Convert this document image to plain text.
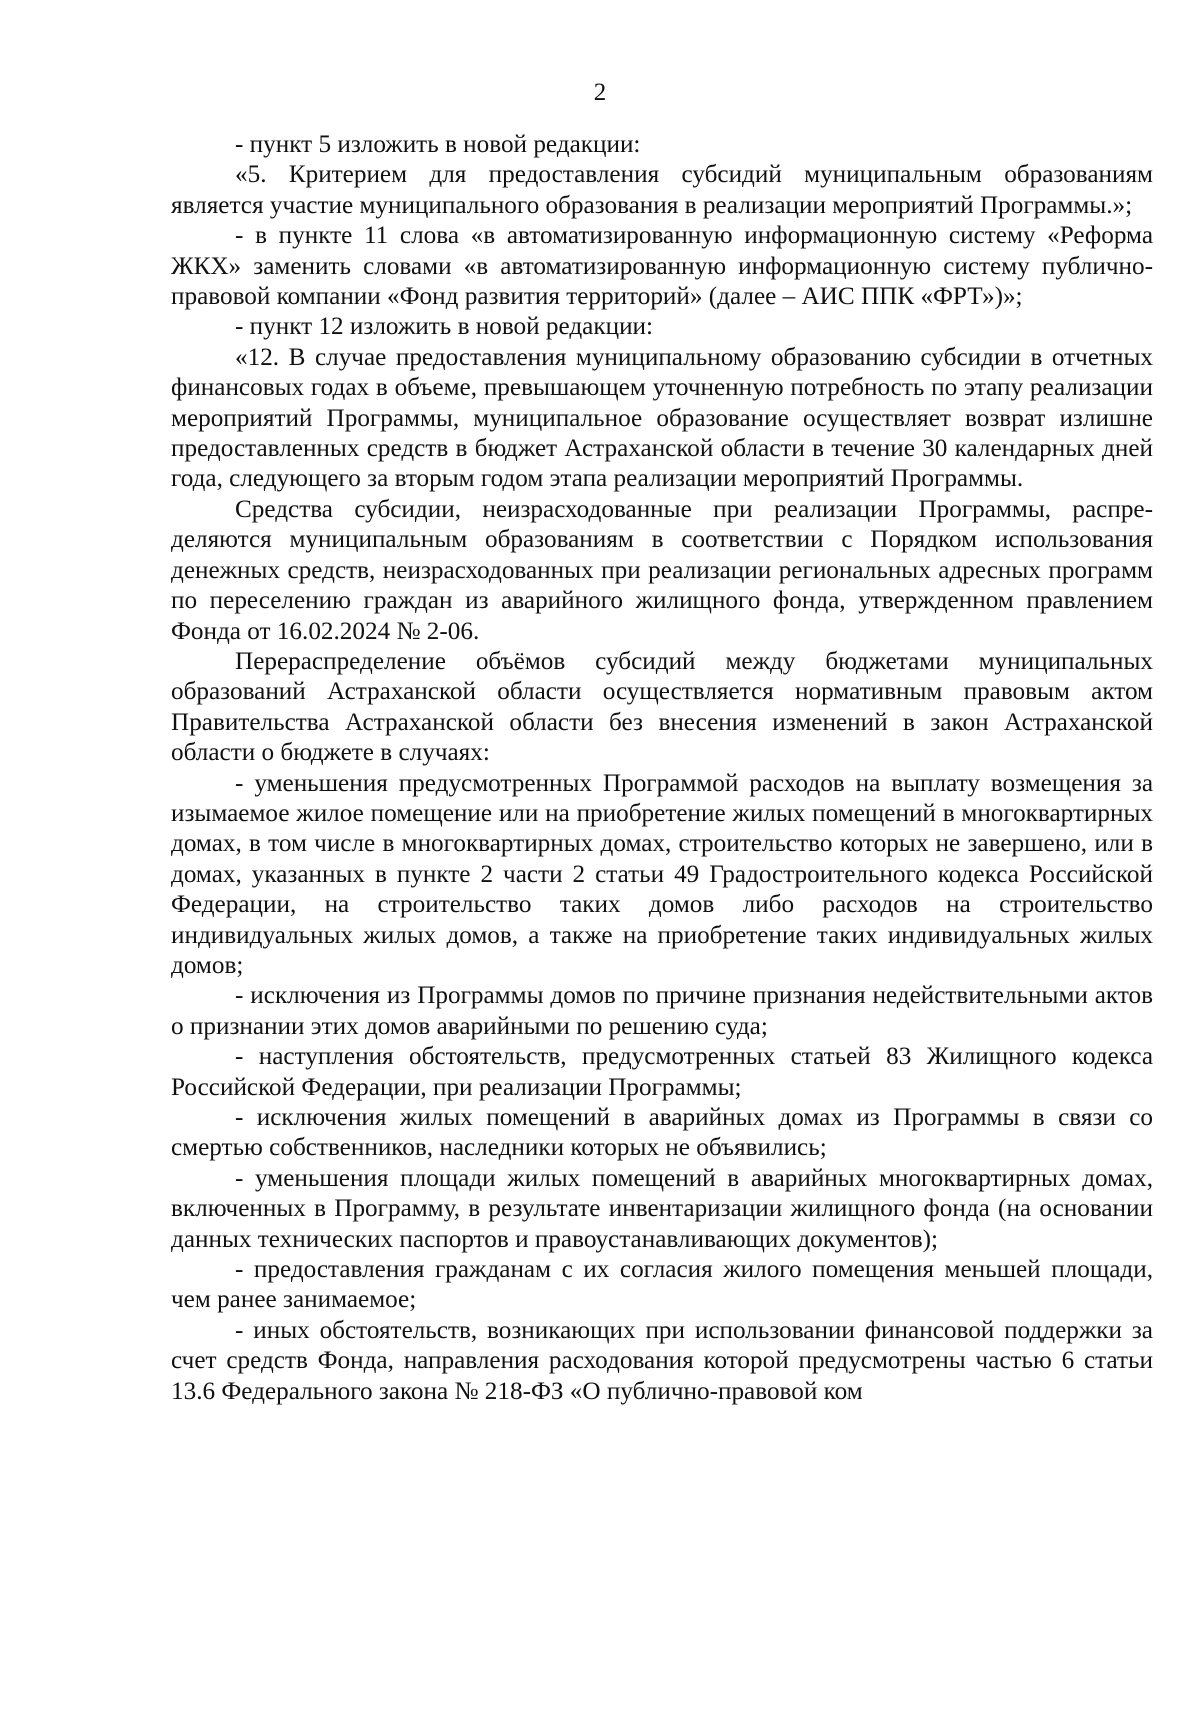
2

- пункт 5 изложить в новой редакции:

«5. Критерием для предоставления субсидий муниципальным образованиям является участие муниципального образования в реализации мероприятий Программы.»;

- в пункте 11 слова «в автоматизированную информационную систему «Реформа ЖКХ» заменить словами «в автоматизированную информационную систему публично-правовой компании «Фонд развития территорий» (далее – АИС ППК «ФРТ»)»;

- пункт 12 изложить в новой редакции:

«12. В случае предоставления муниципальному образованию субсидии в отчетных финансовых годах в объеме, превышающем уточненную потребность по этапу реализации мероприятий Программы, муниципальное образование осуществляет возврат излишне предоставленных средств в бюджет Астраханской области в течение 30 календарных дней года, следующего за вторым годом этапа реализации мероприятий Программы.

Средства субсидии, неизрасходованные при реализации Программы, распределяются муниципальным образованиям в соответствии с Порядком использования денежных средств, неизрасходованных при реализации региональных адресных программ по переселению граждан из аварийного жилищного фонда, утвержденном правлением Фонда от 16.02.2024 № 2-06.

Перераспределение объёмов субсидий между бюджетами муниципальных образований Астраханской области осуществляется нормативным правовым актом Правительства Астраханской области без внесения изменений в закон Астраханской области о бюджете в случаях:

- уменьшения предусмотренных Программой расходов на выплату возмещения за изымаемое жилое помещение или на приобретение жилых помещений в многоквартирных домах, в том числе в многоквартирных домах, строительство которых не завершено, или в домах, указанных в пункте 2 части 2 статьи 49 Градостроительного кодекса Российской Федерации, на строительство таких домов либо расходов на строительство индивидуальных жилых домов, а также на приобретение таких индивидуальных жилых домов;

- исключения из Программы домов по причине признания недействительными актов о признании этих домов аварийными по решению суда;

- наступления обстоятельств, предусмотренных статьей 83 Жилищного кодекса Российской Федерации, при реализации Программы;

- исключения жилых помещений в аварийных домах из Программы в связи со смертью собственников, наследники которых не объявились;

- уменьшения площади жилых помещений в аварийных многоквартирных домах, включенных в Программу, в результате инвентаризации жилищного фонда (на основании данных технических паспортов и правоустанавливающих документов);

- предоставления гражданам с их согласия жилого помещения меньшей площади, чем ранее занимаемое;

- иных обстоятельств, возникающих при использовании финансовой поддержки за счет средств Фонда, направления расходования которой предусмотрены частью 6 статьи 13.6 Федерального закона № 218-ФЗ «О публично-правовой ком
